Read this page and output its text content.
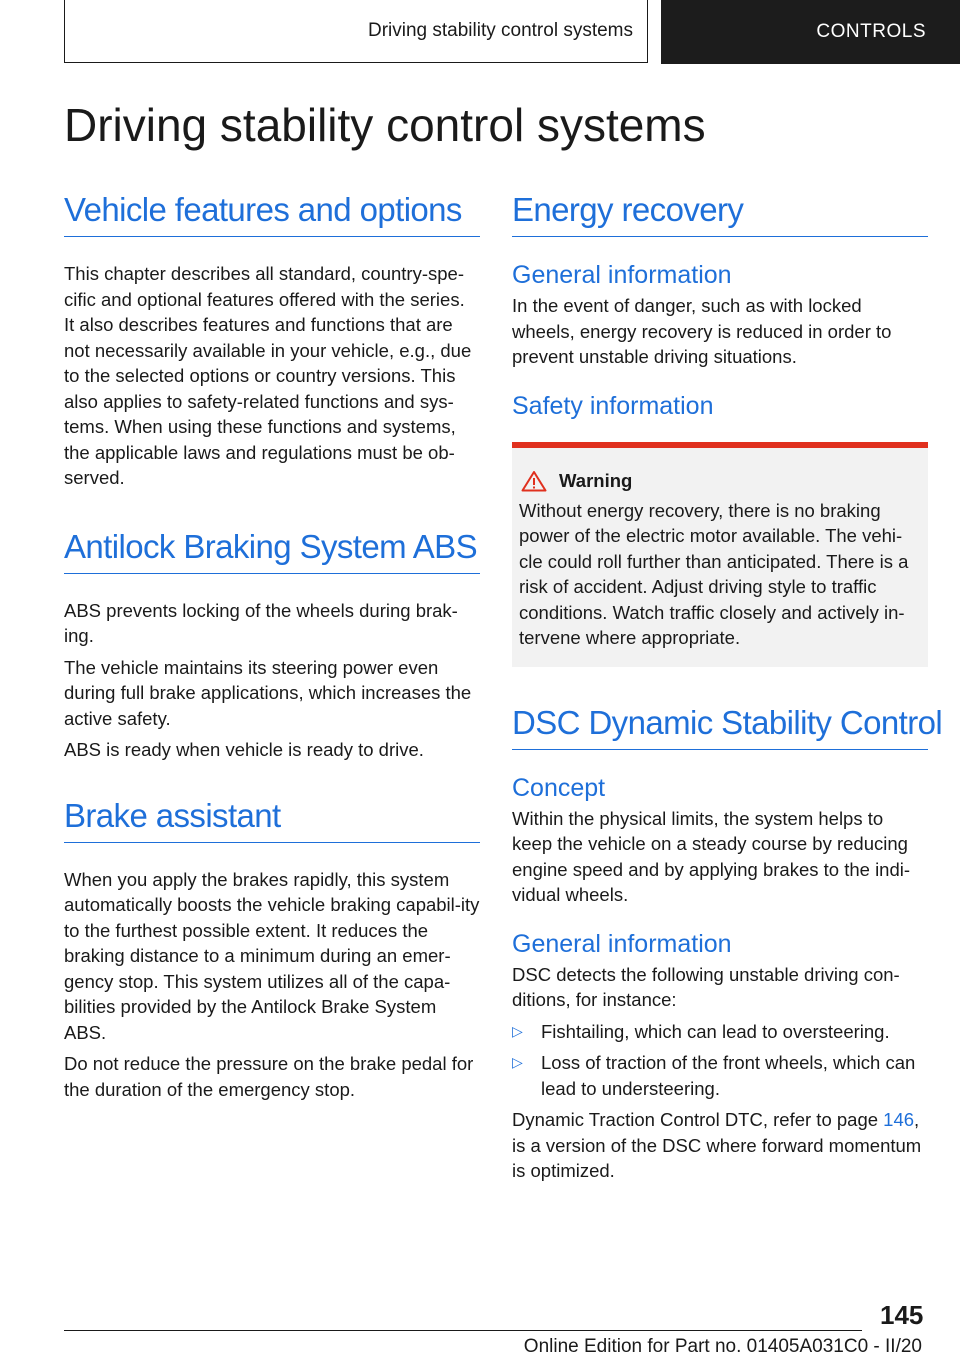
Driving stability control systems	CONTROLS
Driving stability control systems
Vehicle features and options

This chapter describes all standard, country-spe-cific and optional features offered with the series. It also describes features and functions that are not necessarily available in your vehicle, e.g., due to the selected options or country versions. This also applies to safety-related functions and sys-tems. When using these functions and systems, the applicable laws and regulations must be ob-served.

Antilock Braking System ABS

ABS prevents locking of the wheels during brak-ing.

The vehicle maintains its steering power even during full brake applications, which increases the active safety.

ABS is ready when vehicle is ready to drive.

Brake assistant

When you apply the brakes rapidly, this system automatically boosts the vehicle braking capabil-ity to the furthest possible extent. It reduces the braking distance to a minimum during an emer-gency stop. This system utilizes all of the capa-bilities provided by the Antilock Brake System ABS.

Do not reduce the pressure on the brake pedal for the duration of the emergency stop.

Energy recovery
General information

In the event of danger, such as with locked wheels, energy recovery is reduced in order to prevent unstable driving situations.

Safety information
Warning

Without energy recovery, there is no braking power of the electric motor available. The vehi-cle could roll further than anticipated. There is a risk of accident. Adjust driving style to traffic conditions. Watch traffic closely and actively in-tervene where appropriate.

DSC Dynamic Stability Control
Concept

Within the physical limits, the system helps to keep the vehicle on a steady course by reducing engine speed and by applying brakes to the indi-vidual wheels.

General information

DSC detects the following unstable driving con-ditions, for instance:

▷ Fishtailing, which can lead to oversteering.
▷ Loss of traction of the front wheels, which can lead to understeering.

Dynamic Traction Control DTC, refer to page 146, is a version of the DSC where forward momentum is optimized.

145
Online Edition for Part no. 01405A031C0 - II/20
